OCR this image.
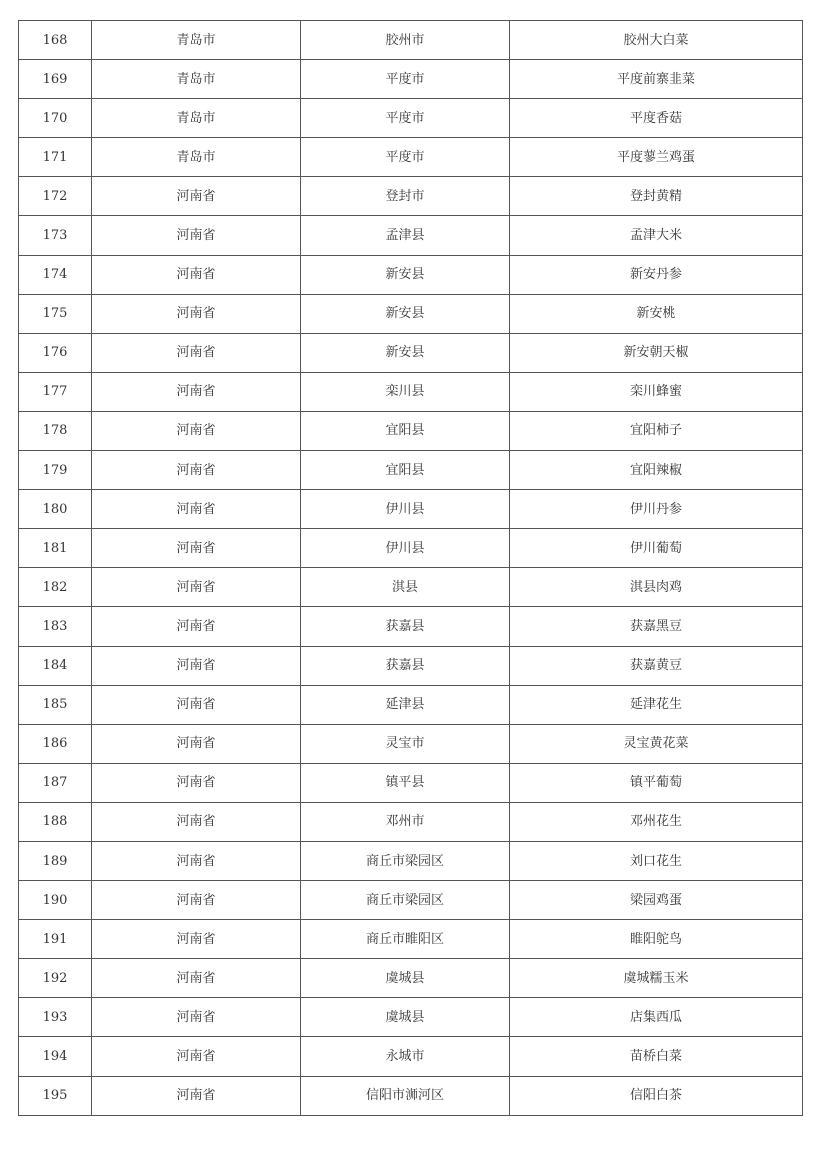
168	青岛市	胶州市	胶州大白菜
169	青岛市	平度市	平度前寨韭菜
170	青岛市	平度市	平度香菇
171	青岛市	平度市	平度蓼兰鸡蛋
172	河南省	登封市	登封黄精
173	河南省	孟津县	孟津大米
174	河南省	新安县	新安丹参
175	河南省	新安县	新安桃
176	河南省	新安县	新安朝天椒
177	河南省	栾川县	栾川蜂蜜
178	河南省	宜阳县	宜阳柿子
179	河南省	宜阳县	宜阳辣椒
180	河南省	伊川县	伊川丹参
181	河南省	伊川县	伊川葡萄
182	河南省	淇县	淇县肉鸡
183	河南省	获嘉县	获嘉黑豆
184	河南省	获嘉县	获嘉黄豆
185	河南省	延津县	延津花生
186	河南省	灵宝市	灵宝黄花菜
187	河南省	镇平县	镇平葡萄
188	河南省	邓州市	邓州花生
189	河南省	商丘市梁园区	刘口花生
190	河南省	商丘市梁园区	梁园鸡蛋
191	河南省	商丘市睢阳区	睢阳鸵鸟
192	河南省	虞城县	虞城糯玉米
193	河南省	虞城县	店集西瓜
194	河南省	永城市	苗桥白菜
195	河南省	信阳市浉河区	信阳白茶
